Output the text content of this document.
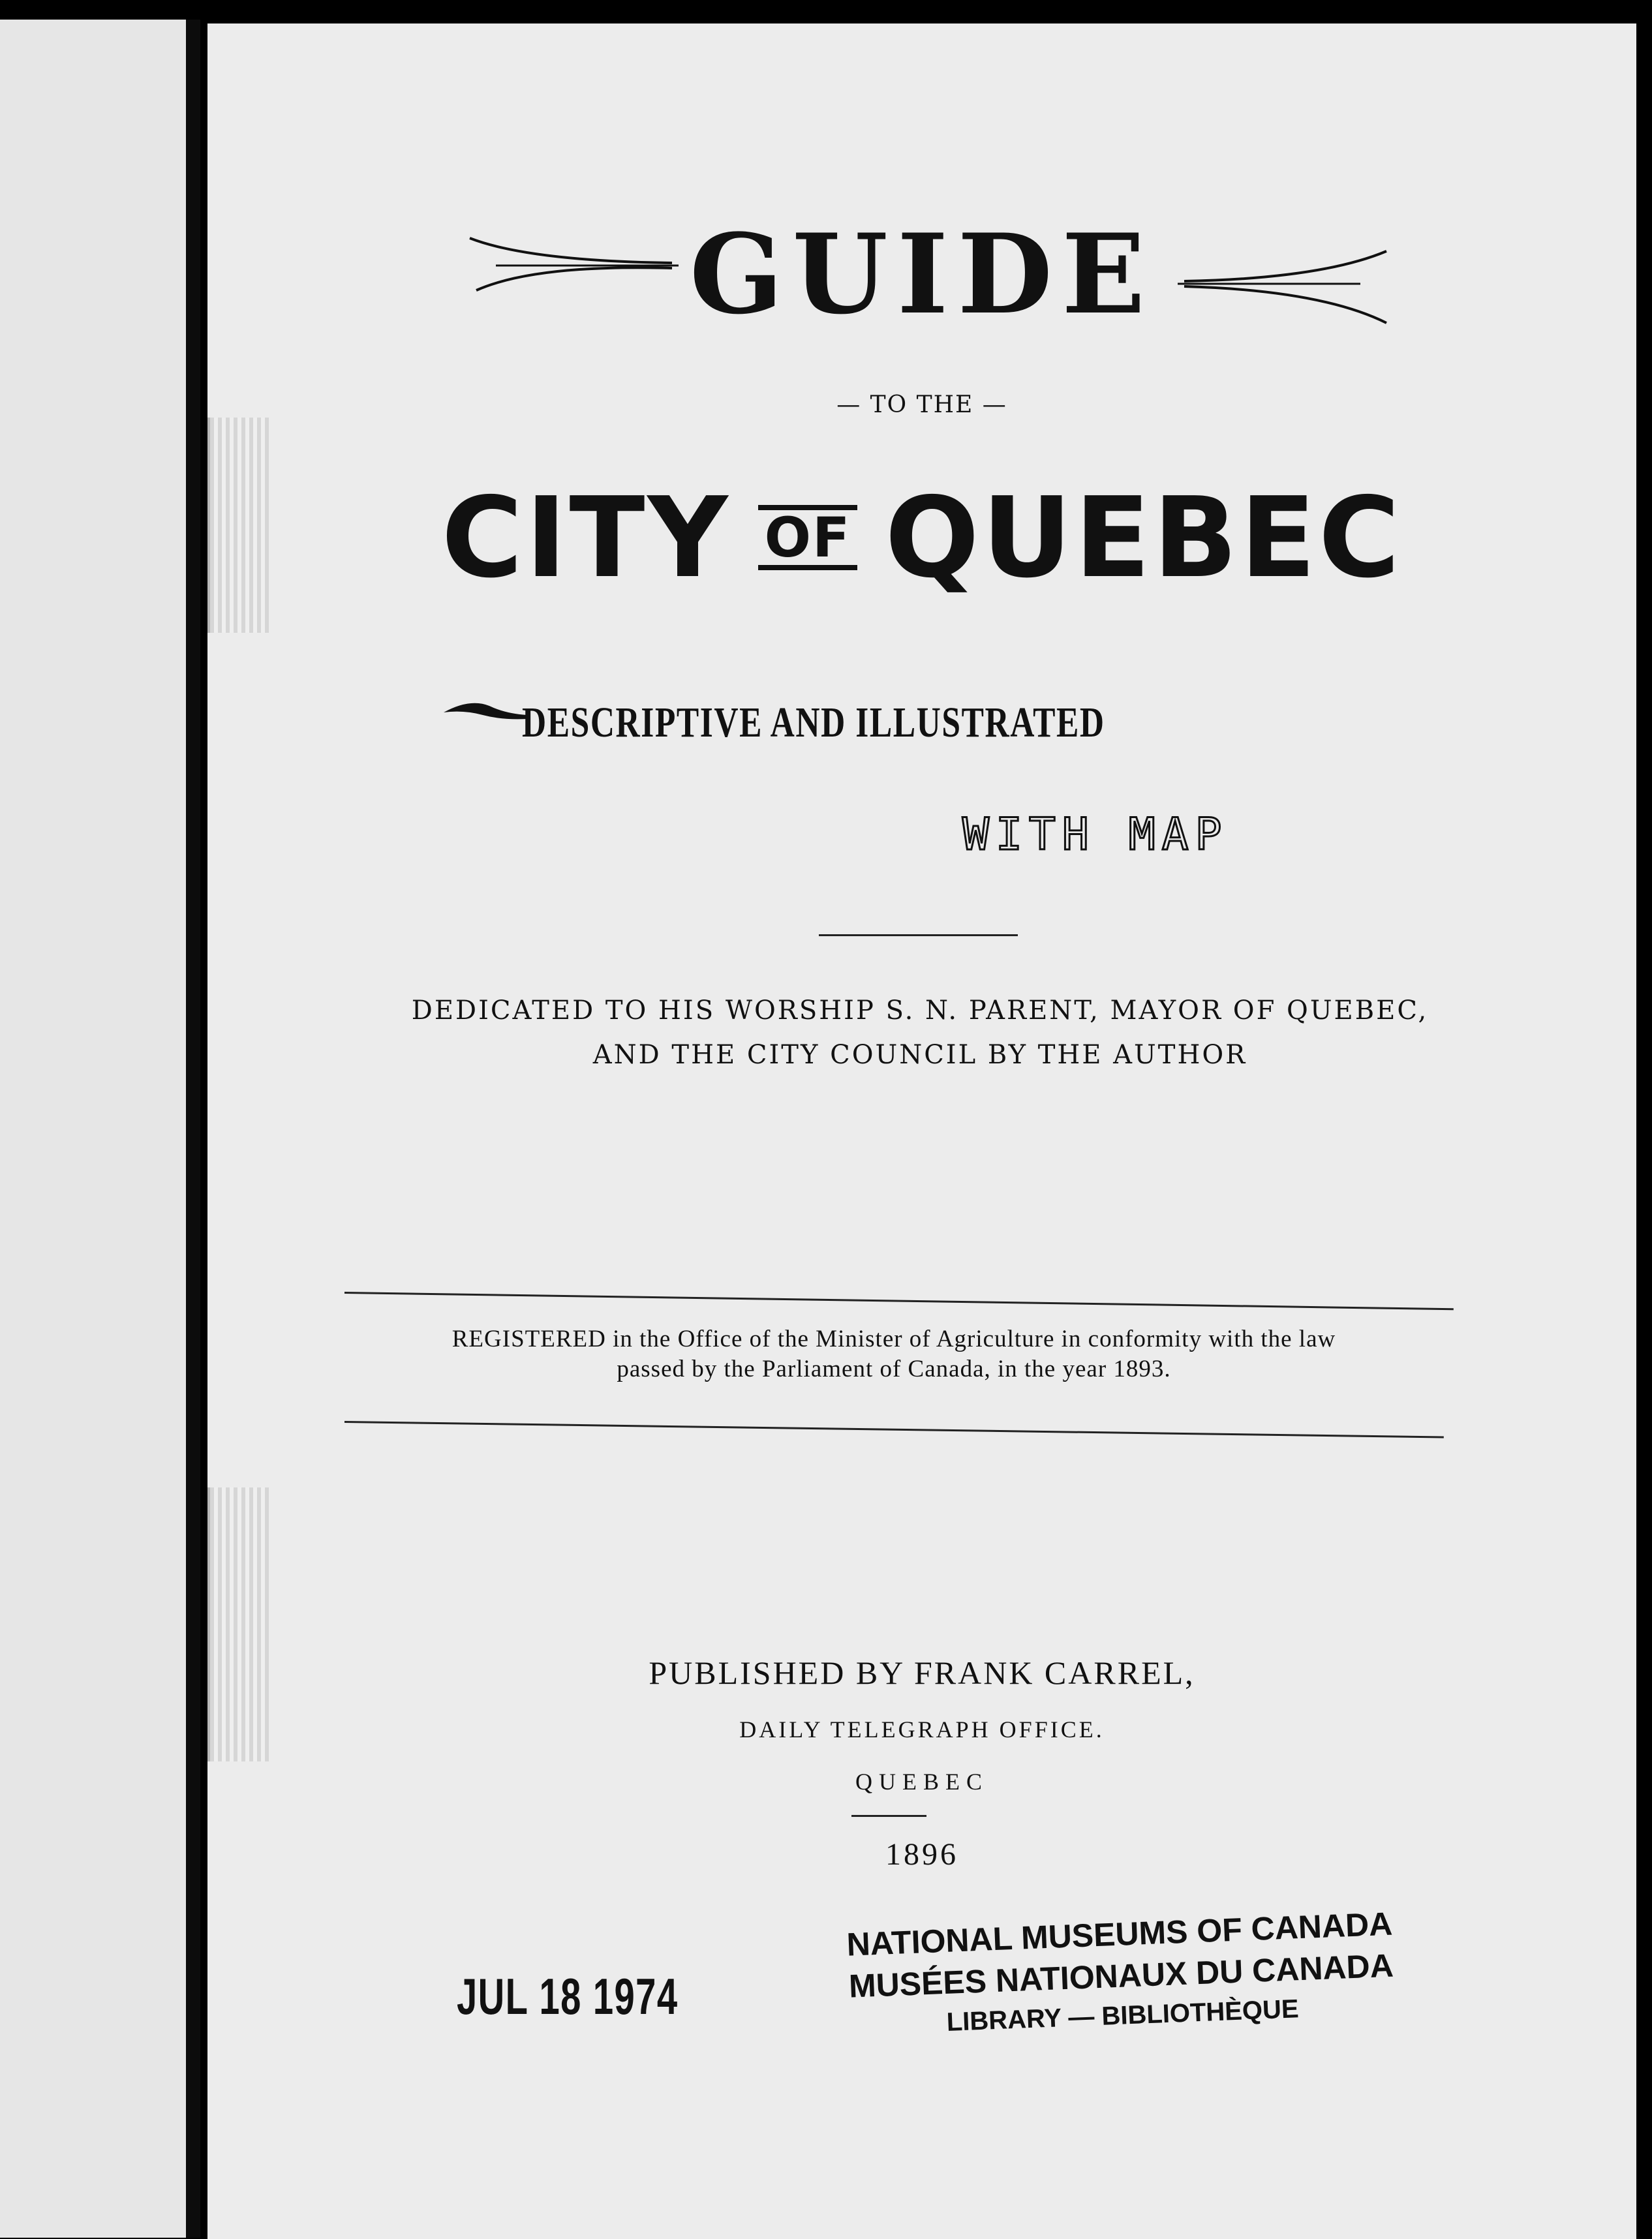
GUIDE
— TO THE —
CITY OF QUEBEC
DESCRIPTIVE AND ILLUSTRATED
WITH MAP
DEDICATED TO HIS WORSHIP S. N. PARENT, MAYOR OF QUEBEC,
AND THE CITY COUNCIL BY THE AUTHOR
REGISTERED in the Office of the Minister of Agriculture in conformity with the law
passed by the Parliament of Canada, in the year 1893.
PUBLISHED BY FRANK CARREL,
DAILY TELEGRAPH OFFICE.
QUEBEC
1896
JUL 18 1974
NATIONAL MUSEUMS OF CANADA
MUSÉES NATIONAUX DU CANADA
LIBRARY — BIBLIOTHÈQUE
